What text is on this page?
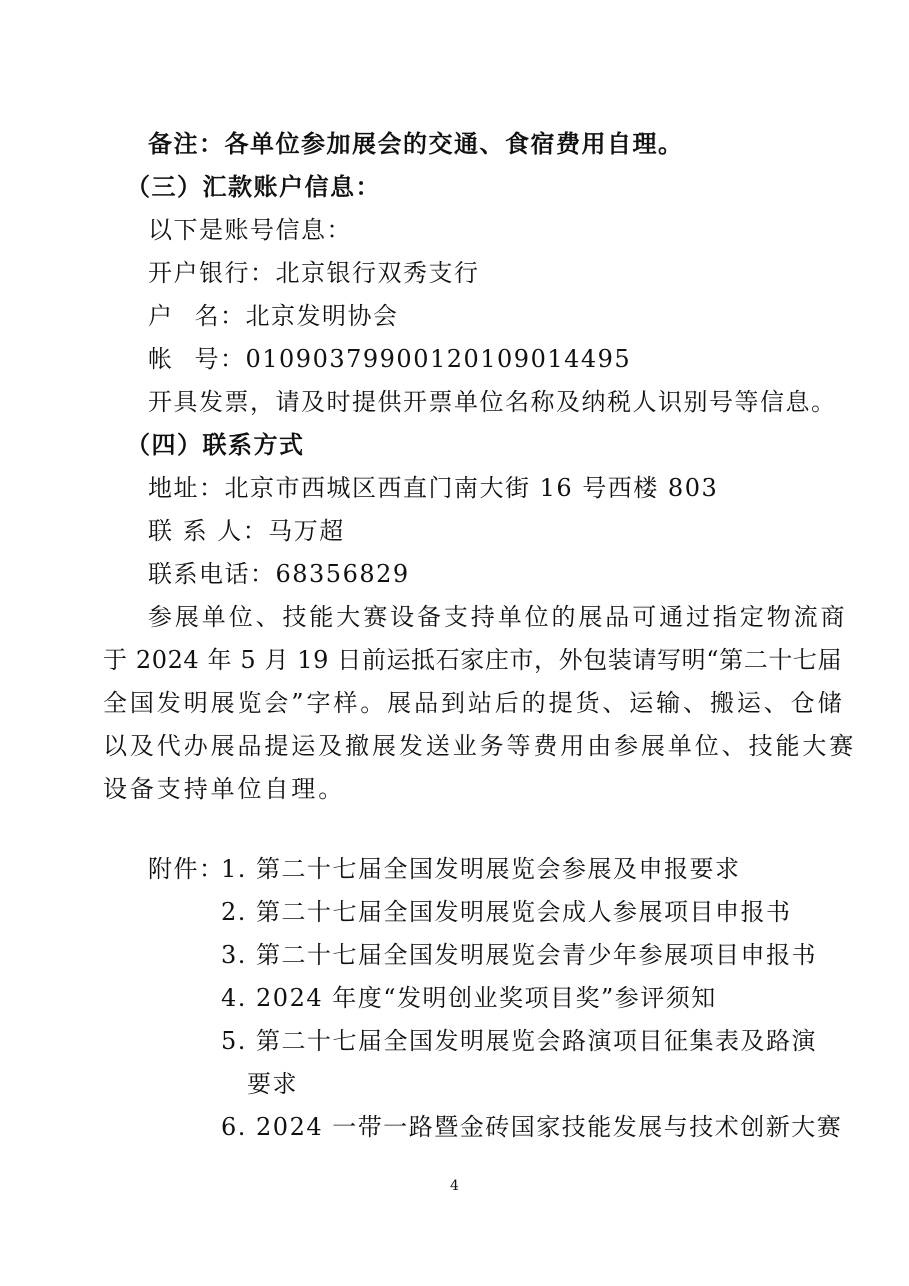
备注：各单位参加展会的交通、食宿费用自理。

（三）汇款账户信息：

以下是账号信息：

开户银行：北京银行双秀支行

户名：北京发明协会

帐号：01090379900120109014495

开具发票，请及时提供开票单位名称及纳税人识别号等信息。

（四）联系方式

地址：北京市西城区西直门南大街 16 号西楼 803

联 系 人：马万超

联系电话：68356829

参展单位、技能大赛设备支持单位的展品可通过指定物流商

于 2024 年 5 月 19 日前运抵石家庄市，外包装请写明“第二十七届

全国发明展览会”字样。展品到站后的提货、运输、搬运、仓储

以及代办展品提运及撤展发送业务等费用由参展单位、技能大赛

设备支持单位自理。

附件：

1. 第二十七届全国发明展览会参展及申报要求

2. 第二十七届全国发明展览会成人参展项目申报书

3. 第二十七届全国发明展览会青少年参展项目申报书

4. 2024 年度“发明创业奖项目奖”参评须知

5. 第二十七届全国发明展览会路演项目征集表及路演

要求

6. 2024 一带一路暨金砖国家技能发展与技术创新大赛

4
